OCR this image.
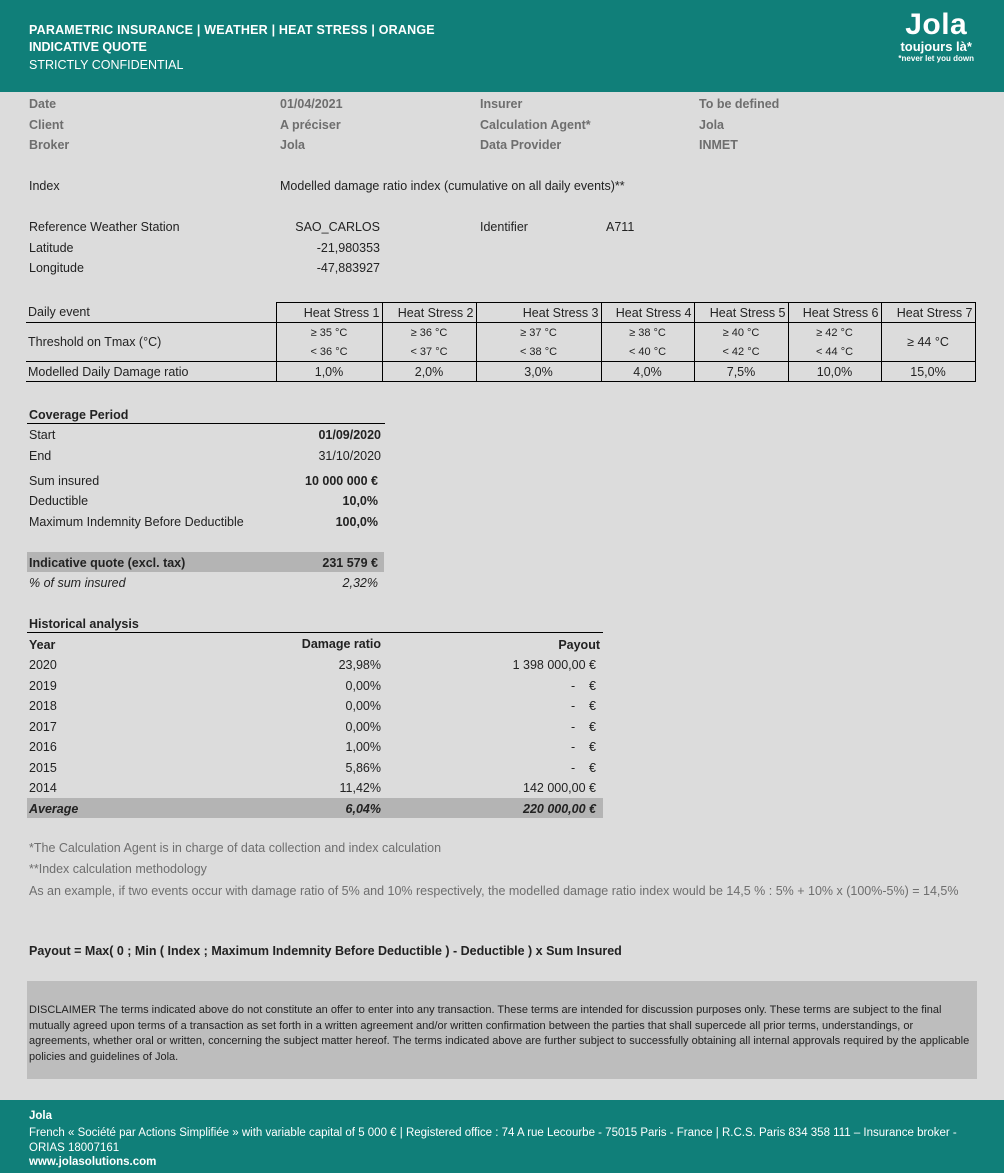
PARAMETRIC INSURANCE | WEATHER | HEAT STRESS | ORANGE
INDICATIVE QUOTE
STRICTLY CONFIDENTIAL
Jola
toujours là*
*never let you down
Date	01/04/2021	Insurer	To be defined
Client	A préciser	Calculation Agent*	Jola
Broker	Jola	Data Provider	INMET
Index	Modelled damage ratio index (cumulative on all daily events)**
Reference Weather Station	SAO_CARLOS	Identifier	A711
Latitude	-21,980353
Longitude	-47,883927
Daily event	Heat Stress 1	Heat Stress 2	Heat Stress 3	Heat Stress 4	Heat Stress 5	Heat Stress 6	Heat Stress 7
Threshold on Tmax (°C)	≥ 35 °C	≥ 36 °C	≥ 37 °C	≥ 38 °C	≥ 40 °C	≥ 42 °C	≥ 44 °C
	< 36 °C	< 37 °C	< 38 °C	< 40 °C	< 42 °C	< 44 °C	
Modelled Daily Damage ratio	1,0%	2,0%	3,0%	4,0%	7,5%	10,0%	15,0%
Coverage Period
Start	01/09/2020
End	31/10/2020
Sum insured	10 000 000 €
Deductible	10,0%
Maximum Indemnity Before Deductible	100,0%
Indicative quote (excl. tax)	231 579 €
% of sum insured	2,32%
Historical analysis
Year	Damage ratio	Payout
2020	23,98%	1 398 000,00 €
2019	0,00%	-    €
2018	0,00%	-    €
2017	0,00%	-    €
2016	1,00%	-    €
2015	5,86%	-    €
2014	11,42%	142 000,00 €
Average	6,04%	220 000,00 €
*The Calculation Agent is in charge of data collection and index calculation
**Index calculation methodology
As an example, if two events occur with damage ratio of 5% and 10% respectively, the modelled damage ratio index would be 14,5 % : 5% + 10% x (100%-5%) = 14,5%
Payout = Max( 0 ; Min ( Index ; Maximum Indemnity Before Deductible ) - Deductible ) x Sum Insured

DISCLAIMER The terms indicated above do not constitute an offer to enter into any transaction. These terms are intended for discussion purposes only. These terms are subject to the final mutually agreed upon terms of a transaction as set forth in a written agreement and/or written confirmation between the parties that shall supercede all prior terms, understandings, or agreements, whether oral or written, concerning the subject matter hereof. The terms indicated above are further subject to successfully obtaining all internal approvals required by the applicable policies and guidelines of Jola.

Jola
French « Société par Actions Simplifiée » with variable capital of 5 000 € | Registered office : 74 A rue Lecourbe - 75015 Paris - France | R.C.S. Paris 834 358 111 – Insurance broker - ORIAS 18007161
www.jolasolutions.com
